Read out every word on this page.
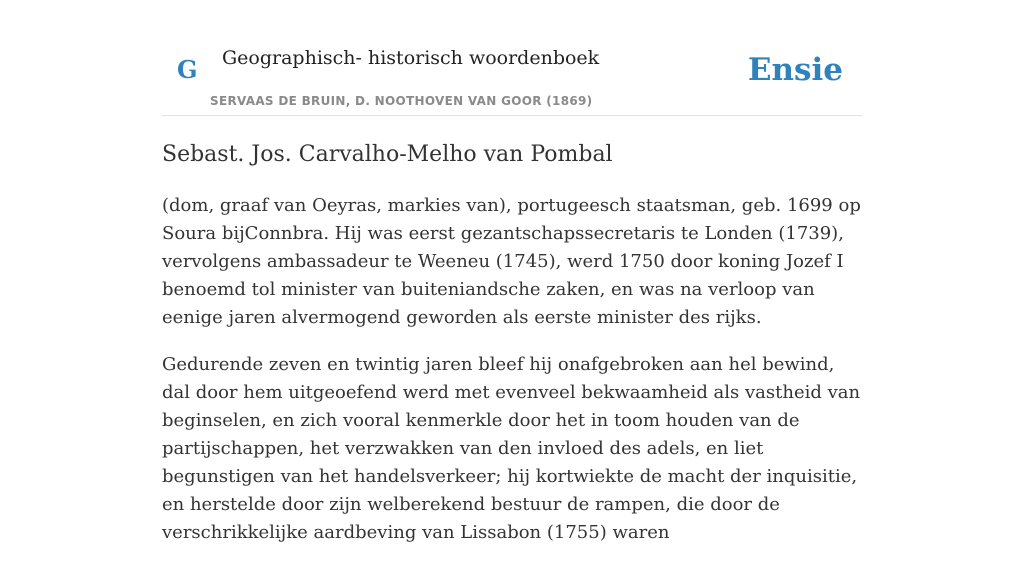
G Geographisch- historisch woordenboek
SERVAAS DE BRUIN, D. NOOTHOVEN VAN GOOR (1869)
Ensie
Sebast. Jos. Carvalho-Melho van Pombal

(dom, graaf van Oeyras, markies van), portugeesch staatsman, geb. 1699 op Soura bijConnbra. Hij was eerst gezantschapssecretaris te Londen (1739), vervolgens ambassadeur te Weeneu (1745), werd 1750 door koning Jozef I benoemd tol minister van buiteniandsche zaken, en was na verloop van eenige jaren alvermogend geworden als eerste minister des rijks.

Gedurende zeven en twintig jaren bleef hij onafgebroken aan hel bewind, dal door hem uitgeoefend werd met evenveel bekwaamheid als vastheid van beginselen, en zich vooral kenmerkle door het in toom houden van de partijschappen, het verzwakken van den invloed des adels, en liet begunstigen van het handelsverkeer; hij kortwiekte de macht der inquisitie, en herstelde door zijn welberekend bestuur de rampen, die door de verschrikkelijke aardbeving van Lissabon (1755) waren
